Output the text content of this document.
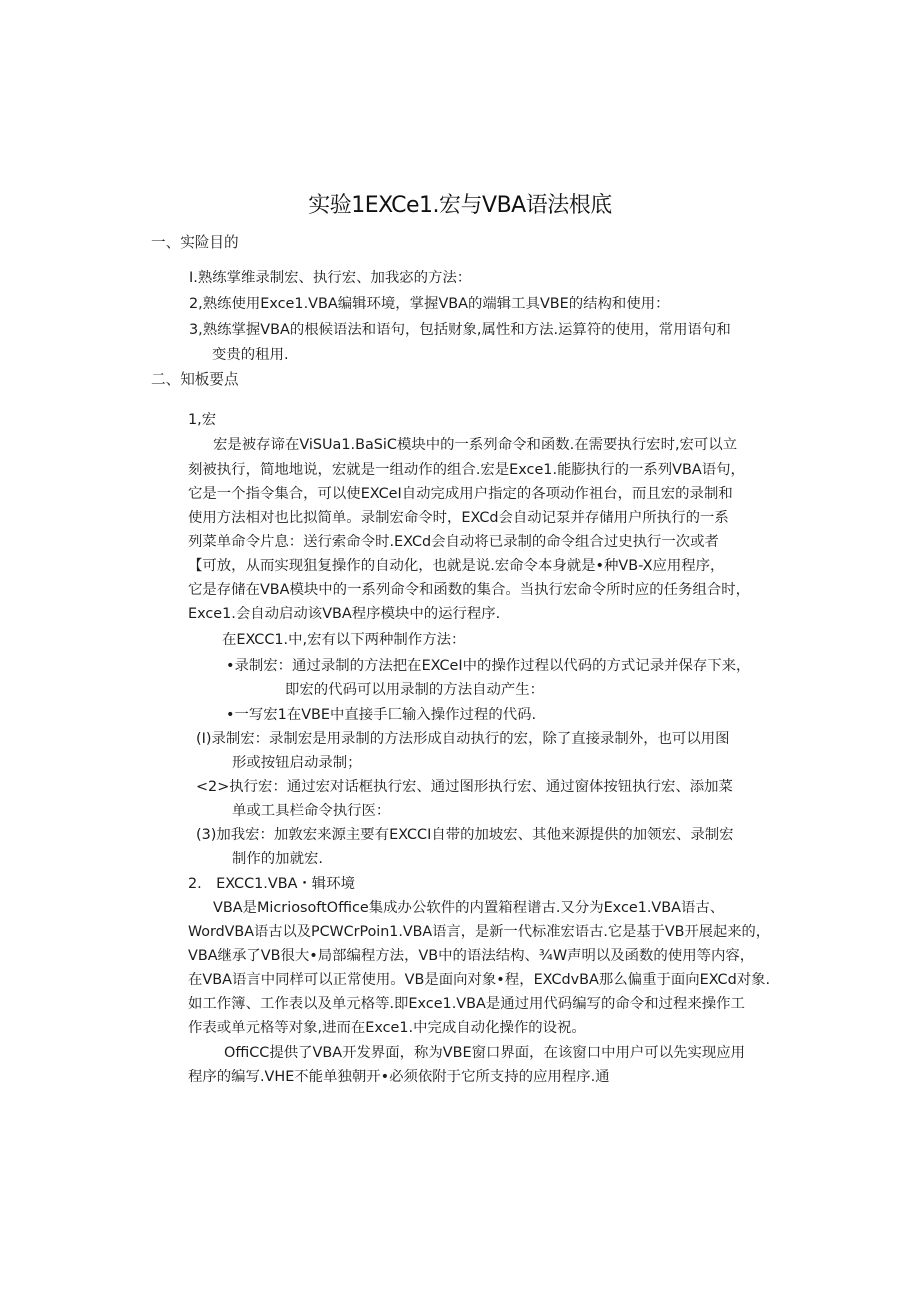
实验1EXCe1.宏与VBA语法根底
一、实险目的
I.熟练掌维录制宏、执行宏、加我宓的方法：
2,熟练使用Exce1.VBA编辑环境，掌握VBA的端辑工具VBE的结构和使用：
3,熟练掌握VBA的根候语法和语句，包括财象,属性和方法.运算符的使用，常用语句和
变贵的租用.
二、知板要点
1,宏
宏是被存谛在ViSUa1.BaSiC模块中的一系列命令和函数.在需要执行宏时,宏可以立
刻被执行，简地地说，宏就是一组动作的组合.宏是Exce1.能膨执行的一系列VBA语句，
它是一个指令集合，可以使EXCeI自动完成用户指定的各项动作祖台，而且宏的录制和
使用方法相对也比拟简单。录制宏命令时，EXCd会自动记泵并存储用户所执行的一系
列菜单命令片息：送行索命令时.EXCd会自动将已录制的命令组合过史执行一次或者
【可放，从而实现狙复操作的自动化，也就是说.宏命令本身就是•种VB-X应用程序，
它是存储在VBA模块中的一系列命令和函数的集合。当执行宏命令所时应的任务组合时，
Exce1.会自动启动该VBA程序模块中的运行程序.
在EXCC1.中,宏有以下两种制作方法：
•录制宏：通过录制的方法把在EXCeI中的操作过程以代码的方式记录并保存下来，
即宏的代码可以用录制的方法自动产生：
•一写宏1在VBE中直接手匚输入操作过程的代码.
(I)录制宏：录制宏是用录制的方法形成自动执行的宏，除了直接录制外，也可以用图
形或按钮启动录制；
<2>执行宏：通过宏对话框执行宏、通过图形执行宏、通过窗体按钮执行宏、添加菜
单或工具栏命令执行医：
(3)加我宏：加敦宏来源主要有EXCCI自带的加坡宏、其他来源提供的加领宏、录制宏
制作的加就宏.
2.　EXCC1.VBA・辑环境
VBA是MicriosoftOffice集成办公软件的内置箱程谱古.又分为Exce1.VBA语古、
WordVBA语古以及PCWCrPoin1.VBA语言，是新一代标准宏语古.它是基于VB开展起来的，
VBA继承了VB很大•局部编程方法，VB中的语法结构、¾W声明以及函数的使用等内容，
在VBA语言中同样可以正常使用。VB是面向对象•程，EXCdvBA那么偏重于面向EXCd对象.
如工作簿、工作表以及单元格等.即Exce1.VBA是通过用代码编写的命令和过程来操作工
作表或单元格等对象,进而在Exce1.中完成自动化操作的设祝。
OffiCC提供了VBA开发界面，称为VBE窗口界面，在该窗口中用户可以先实现应用
程序的编写.VHE不能单独朝开•必须依附于它所支持的应用程序.通
